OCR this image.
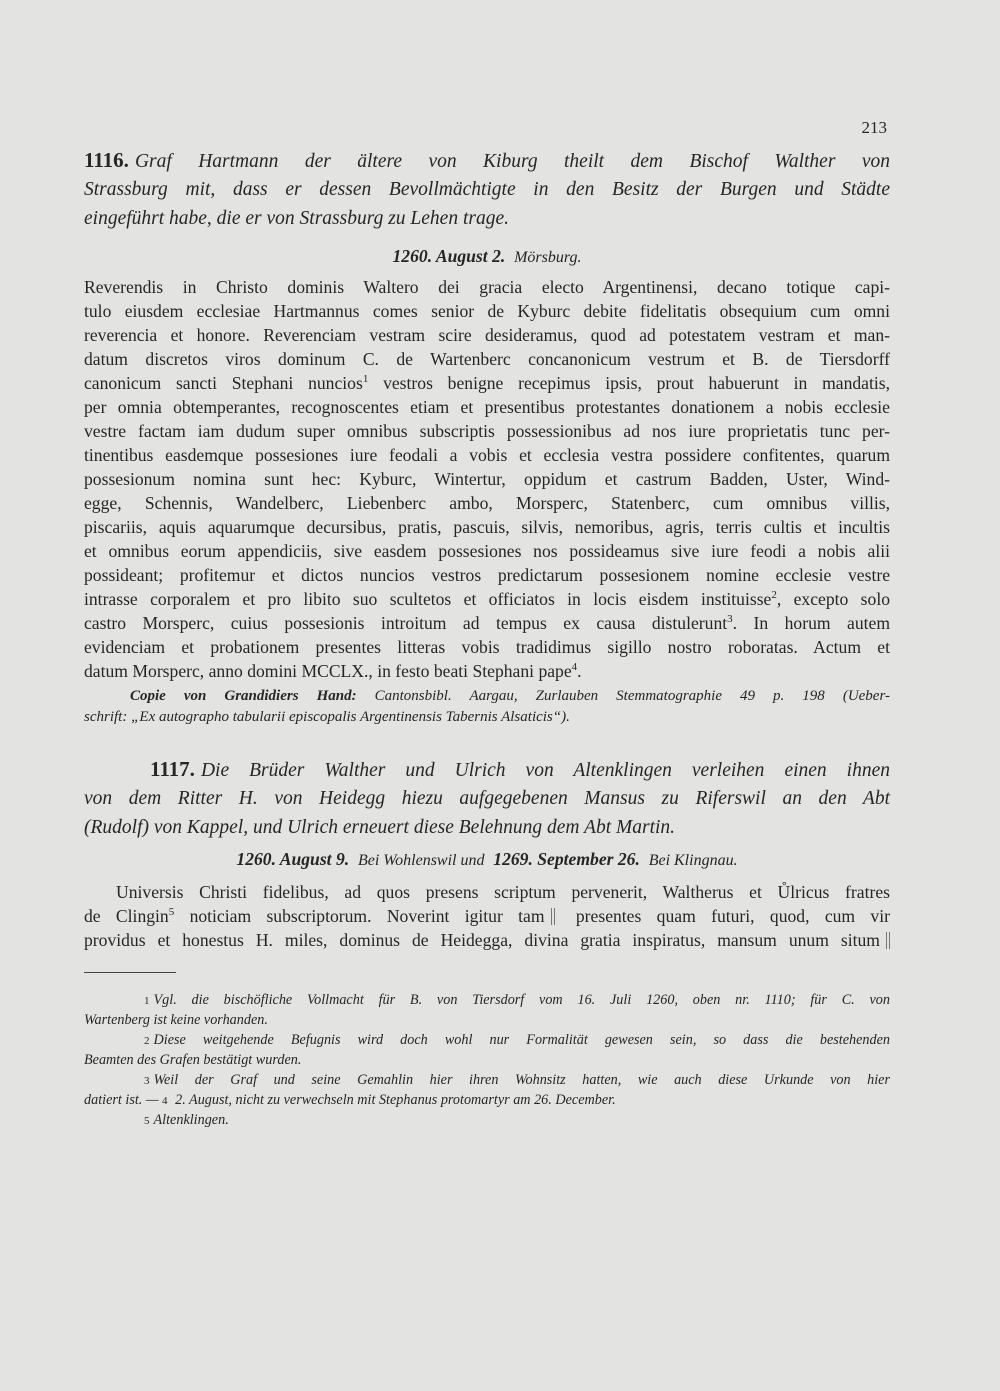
213
1116. Graf Hartmann der ältere von Kiburg theilt dem Bischof Walther von
Strassburg mit, dass er dessen Bevollmächtigte in den Besitz der Burgen und Städte
eingeführt habe, die er von Strassburg zu Lehen trage.
1260. August 2. Mörsburg.
Reverendis in Christo dominis Waltero dei gracia electo Argentinensi, decano totique capi-
tulo eiusdem ecclesiae Hartmannus comes senior de Kyburc debite fidelitatis obsequium cum omni
reverencia et honore. Reverenciam vestram scire desideramus, quod ad potestatem vestram et man-
datum discretos viros dominum C. de Wartenberc concanonicum vestrum et B. de Tiersdorff
canonicum sancti Stephani nuncios$^1$ vestros benigne recepimus ipsis, prout habuerunt in mandatis,
per omnia obtemperantes, recognoscentes etiam et presentibus protestantes donationem a nobis ecclesie
vestre factam iam dudum super omnibus subscriptis possessionibus ad nos iure proprietatis tunc per-
tinentibus easdemque possesiones iure feodali a vobis et ecclesia vestra possidere confitentes, quarum
possesionum nomina sunt hec: Kyburc, Wintertur, oppidum et castrum Badden, Uster, Wind-
egge, Schennis, Wandelberc, Liebenberc ambo, Morsperc, Statenberc, cum omnibus villis,
piscariis, aquis aquarumque decursibus, pratis, pascuis, silvis, nemoribus, agris, terris cultis et incultis
et omnibus eorum appendiciis, sive easdem possesiones nos possideamus sive iure feodi a nobis alii
possideant; profitemur et dictos nuncios vestros predictarum possesionem nomine ecclesie vestre
intrasse corporalem et pro libito suo scultetos et officiatos in locis eisdem instituisse$^2$, excepto solo
castro Morsperc, cuius possesionis introitum ad tempus ex causa distulerunt$^3$. In horum autem
evidenciam et probationem presentes litteras vobis tradidimus sigillo nostro roboratas. Actum et
datum Morsperc, anno domini MCCLX., in festo beati Stephani pape$^4$.
Copie von Grandidiers Hand: Cantonsbibl. Aargau, Zurlauben Stemmatographie 49 p. 198 (Ueber-
schrift: „Ex autographo tabularii episcopalis Argentinensis Tabernis Alsaticis“).
1117. Die Brüder Walther und Ulrich von Altenklingen verleihen einen ihnen
von dem Ritter H. von Heidegg hiezu aufgegebenen Mansus zu Riferswil an den Abt
(Rudolf) von Kappel, und Ulrich erneuert diese Belehnung dem Abt Martin.
1260. August 9. Bei Wohlenswil und 1269. September 26. Bei Klingnau.
Universis Christi fidelibus, ad quos presens scriptum pervenerit, Waltherus et Ůlricus fratres
de Clingin$^5$ noticiam subscriptorum. Noverint igitur tam presentes quam futuri, quod, cum vir
providus et honestus H. miles, dominus de Heidegga, divina gratia inspiratus, mansum unum situm
1 Vgl. die bischöfliche Vollmacht für B. von Tiersdorf vom 16. Juli 1260, oben nr. 1110; für C. von
Wartenberg ist keine vorhanden.
2 Diese weitgehende Befugnis wird doch wohl nur Formalität gewesen sein, so dass die bestehenden
Beamten des Grafen bestätigt wurden.
3 Weil der Graf und seine Gemahlin hier ihren Wohnsitz hatten, wie auch diese Urkunde von hier
datiert ist. — 4 2. August, nicht zu verwechseln mit Stephanus protomartyr am 26. December.
5 Altenklingen.
